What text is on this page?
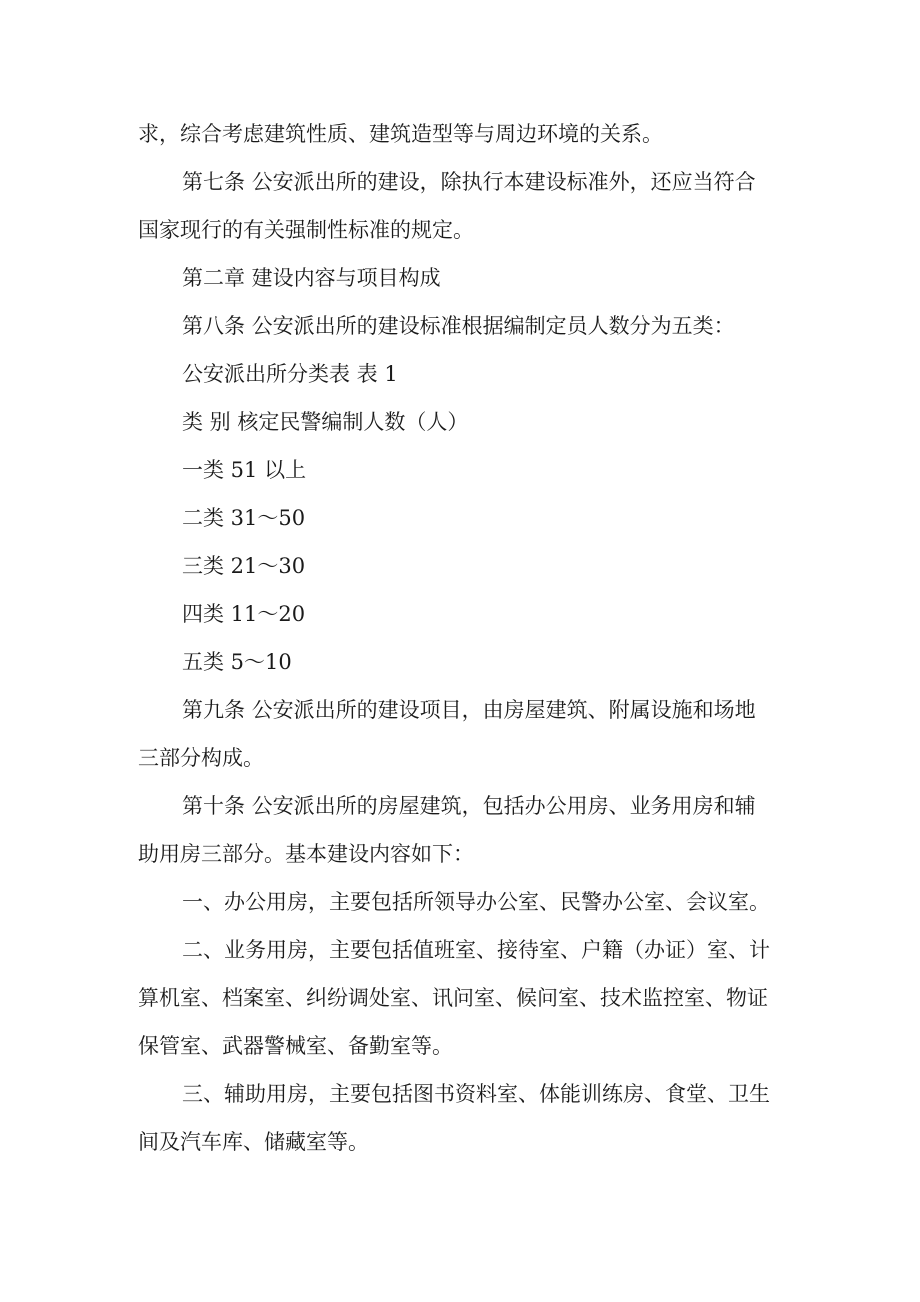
求，综合考虑建筑性质、建筑造型等与周边环境的关系。
第七条 公安派出所的建设，除执行本建设标准外，还应当符合
国家现行的有关强制性标准的规定。
第二章 建设内容与项目构成
第八条 公安派出所的建设标准根据编制定员人数分为五类：
公安派出所分类表 表 1
类 别 核定民警编制人数（人）
一类 51 以上
二类 31～50
三类 21～30
四类 11～20
五类 5～10
第九条 公安派出所的建设项目，由房屋建筑、附属设施和场地
三部分构成。
第十条 公安派出所的房屋建筑，包括办公用房、业务用房和辅
助用房三部分。基本建设内容如下：
一、办公用房，主要包括所领导办公室、民警办公室、会议室。
二、业务用房，主要包括值班室、接待室、户籍（办证）室、计
算机室、档案室、纠纷调处室、讯问室、候问室、技术监控室、物证
保管室、武器警械室、备勤室等。
三、辅助用房，主要包括图书资料室、体能训练房、食堂、卫生
间及汽车库、储藏室等。
